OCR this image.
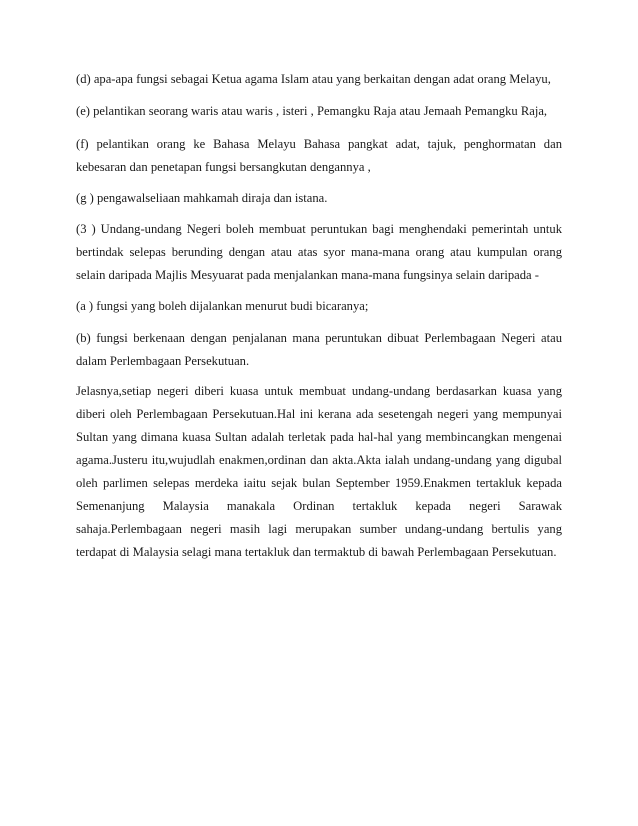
(d) apa-apa fungsi sebagai Ketua agama Islam atau yang berkaitan dengan adat orang Melayu,

(e) pelantikan seorang waris atau waris , isteri , Pemangku Raja atau Jemaah Pemangku Raja,

(f) pelantikan orang ke Bahasa Melayu Bahasa pangkat adat, tajuk, penghormatan dan kebesaran dan penetapan fungsi bersangkutan dengannya ,

(g ) pengawalseliaan mahkamah diraja dan istana.

(3 ) Undang-undang Negeri boleh membuat peruntukan bagi menghendaki pemerintah untuk bertindak selepas berunding dengan atau atas syor mana-mana orang atau kumpulan orang selain daripada Majlis Mesyuarat pada menjalankan mana-mana fungsinya selain daripada -

(a ) fungsi yang boleh dijalankan menurut budi bicaranya;

(b) fungsi berkenaan dengan penjalanan mana peruntukan dibuat Perlembagaan Negeri atau dalam Perlembagaan Persekutuan.

Jelasnya,setiap negeri diberi kuasa untuk membuat undang-undang berdasarkan kuasa yang diberi oleh Perlembagaan Persekutuan.Hal ini kerana ada sesetengah negeri yang mempunyai Sultan yang dimana kuasa Sultan adalah terletak pada hal-hal yang membincangkan mengenai agama.Justeru itu,wujudlah enakmen,ordinan dan akta.Akta ialah undang-undang yang digubal oleh parlimen selepas merdeka iaitu sejak bulan September 1959.Enakmen tertakluk kepada Semenanjung Malaysia manakala Ordinan tertakluk kepada negeri Sarawak sahaja.Perlembagaan negeri masih lagi merupakan sumber undang-undang bertulis yang terdapat di Malaysia selagi mana tertakluk dan termaktub di bawah Perlembagaan Persekutuan.
